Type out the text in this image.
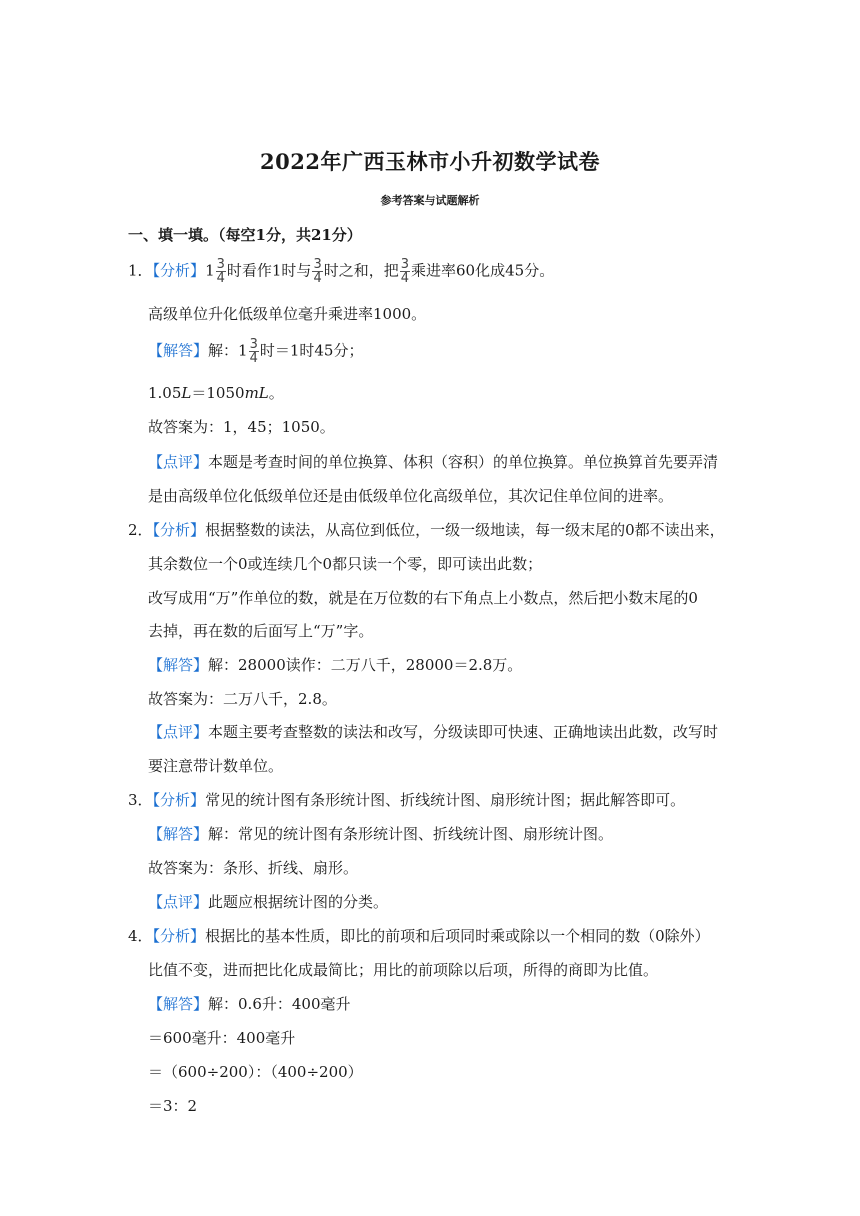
2022年广西玉林市小升初数学试卷
参考答案与试题解析
一、填一填。（每空1分，共21分）
1．【分析】$1 \frac{3}{4}$ 时看作1时与 $\frac{3}{4}$ 时之和，把 $\frac{3}{4}$ 乘进率60化成45分。
高级单位升化低级单位毫升乘进率1000。
【解答】解：$1 \frac{3}{4}$ 时＝1时45分；
1.05L＝1050mL。
故答案为：1，45；1050。
【点评】本题是考查时间的单位换算、体积（容积）的单位换算。单位换算首先要弄清
是由高级单位化低级单位还是由低级单位化高级单位，其次记住单位间的进率。
2．【分析】根据整数的读法，从高位到低位，一级一级地读，每一级末尾的0都不读出来，
其余数位一个0或连续几个0都只读一个零，即可读出此数；
改写成用“万”作单位的数，就是在万位数的右下角点上小数点，然后把小数末尾的0
去掉，再在数的后面写上“万”字。
【解答】解：28000读作：二万八千，28000＝2.8万。
故答案为：二万八千，2.8。
【点评】本题主要考查整数的读法和改写，分级读即可快速、正确地读出此数，改写时
要注意带计数单位。
3．【分析】常见的统计图有条形统计图、折线统计图、扇形统计图；据此解答即可。
【解答】解：常见的统计图有条形统计图、折线统计图、扇形统计图。
故答案为：条形、折线、扇形。
【点评】此题应根据统计图的分类。
4．【分析】根据比的基本性质，即比的前项和后项同时乘或除以一个相同的数（0除外）
比值不变，进而把比化成最简比；用比的前项除以后项，所得的商即为比值。
【解答】解：0.6升：400毫升
＝600毫升：400毫升
＝（600÷200）：（400÷200）
＝3：2
